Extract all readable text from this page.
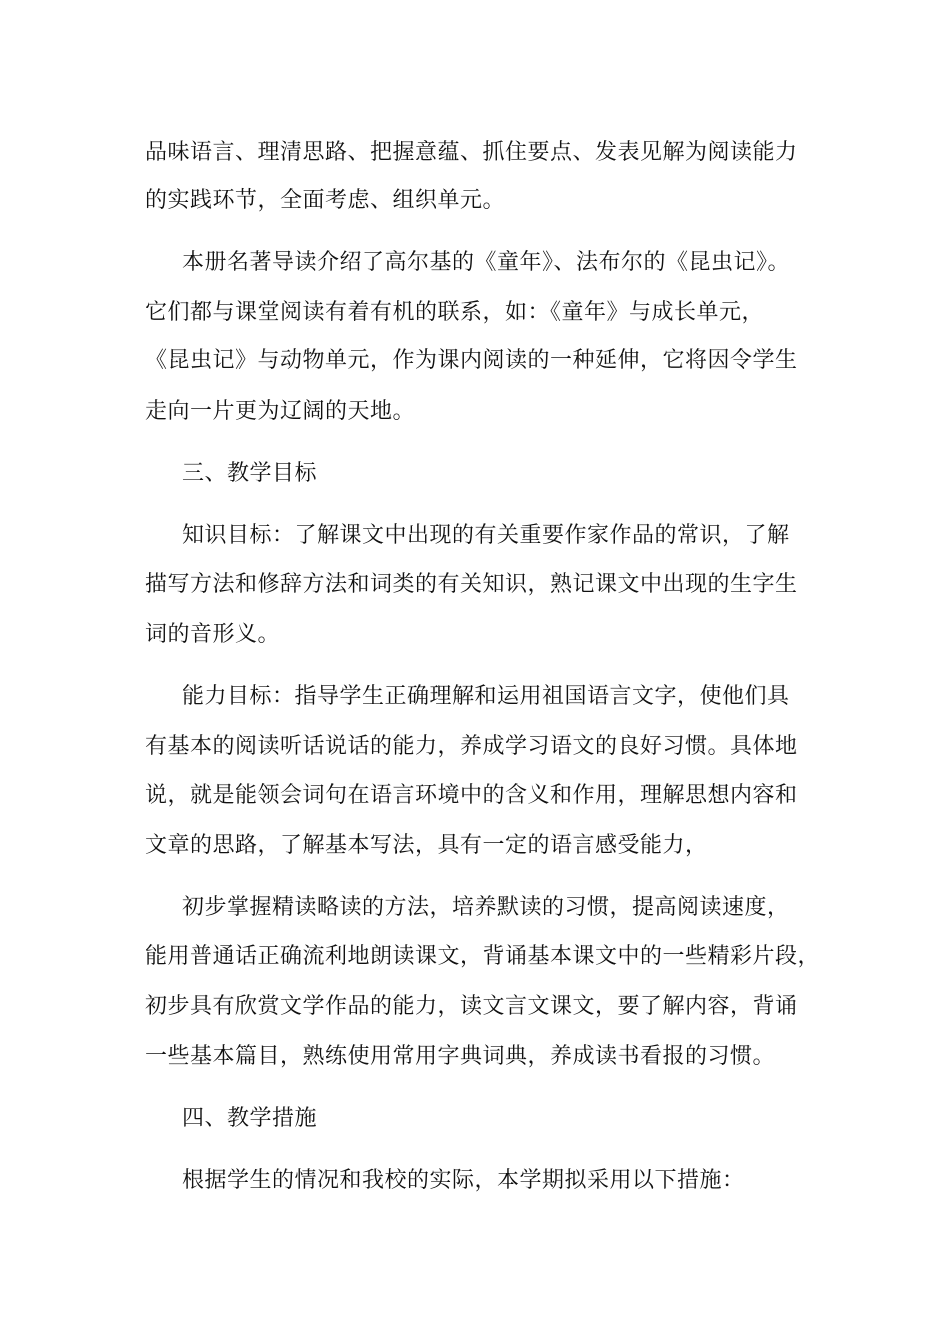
品味语言、理清思路、把握意蕴、抓住要点、发表见解为阅读能力
的实践环节，全面考虑、组织单元。
本册名著导读介绍了高尔基的《童年》、法布尔的《昆虫记》。
它们都与课堂阅读有着有机的联系，如：《童年》与成长单元，
《昆虫记》与动物单元，作为课内阅读的一种延伸，它将因令学生
走向一片更为辽阔的天地。
三、教学目标
知识目标：了解课文中出现的有关重要作家作品的常识，了解
描写方法和修辞方法和词类的有关知识，熟记课文中出现的生字生
词的音形义。
能力目标：指导学生正确理解和运用祖国语言文字，使他们具
有基本的阅读听话说话的能力，养成学习语文的良好习惯。具体地
说，就是能领会词句在语言环境中的含义和作用，理解思想内容和
文章的思路，了解基本写法，具有一定的语言感受能力，
初步掌握精读略读的方法，培养默读的习惯，提高阅读速度，
能用普通话正确流利地朗读课文，背诵基本课文中的一些精彩片段，
初步具有欣赏文学作品的能力，读文言文课文，要了解内容，背诵
一些基本篇目，熟练使用常用字典词典，养成读书看报的习惯。
四、教学措施
根据学生的情况和我校的实际，本学期拟采用以下措施：
